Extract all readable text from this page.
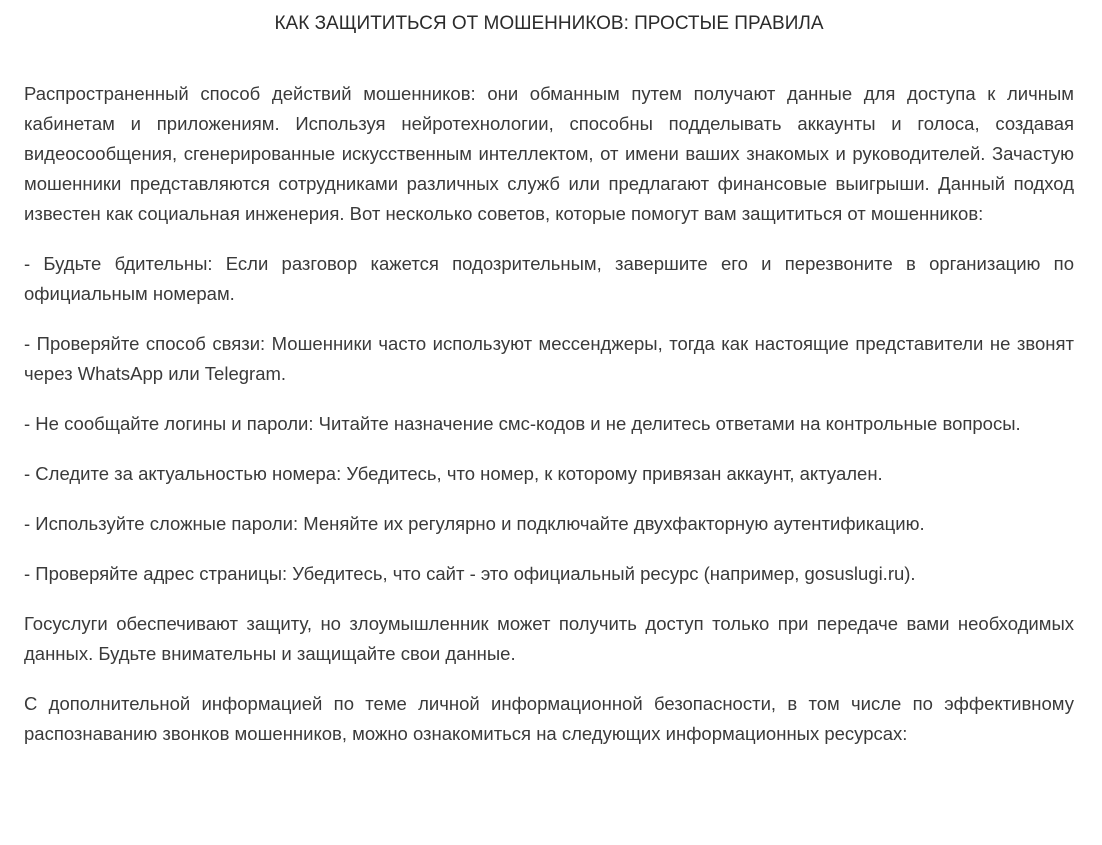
КАК ЗАЩИТИТЬСЯ ОТ МОШЕННИКОВ: ПРОСТЫЕ ПРАВИЛА

Распространенный способ действий мошенников: они обманным путем получают данные для доступа к личным кабинетам и приложениям. Используя нейротехнологии, способны подделывать аккаунты и голоса, создавая видеосообщения, сгенерированные искусственным интеллектом, от имени ваших знакомых и руководителей. Зачастую мошенники представляются сотрудниками различных служб или предлагают финансовые выигрыши. Данный подход известен как социальная инженерия. Вот несколько советов, которые помогут вам защититься от мошенников:

- Будьте бдительны: Если разговор кажется подозрительным, завершите его и перезвоните в организацию по официальным номерам.

- Проверяйте способ связи: Мошенники часто используют мессенджеры, тогда как настоящие представители не звонят через WhatsApp или Telegram.

- Не сообщайте логины и пароли: Читайте назначение смс-кодов и не делитесь ответами на контрольные вопросы.

- Следите за актуальностью номера: Убедитесь, что номер, к которому привязан аккаунт, актуален.

- Используйте сложные пароли: Меняйте их регулярно и подключайте двухфакторную аутентификацию.

- Проверяйте адрес страницы: Убедитесь, что сайт - это официальный ресурс (например, gosuslugi.ru).

Госуслуги обеспечивают защиту, но злоумышленник может получить доступ только при передаче вами необходимых данных. Будьте внимательны и защищайте свои данные.

С дополнительной информацией по теме личной информационной безопасности, в том числе по эффективному распознаванию звонков мошенников, можно ознакомиться на следующих информационных ресурсах:
